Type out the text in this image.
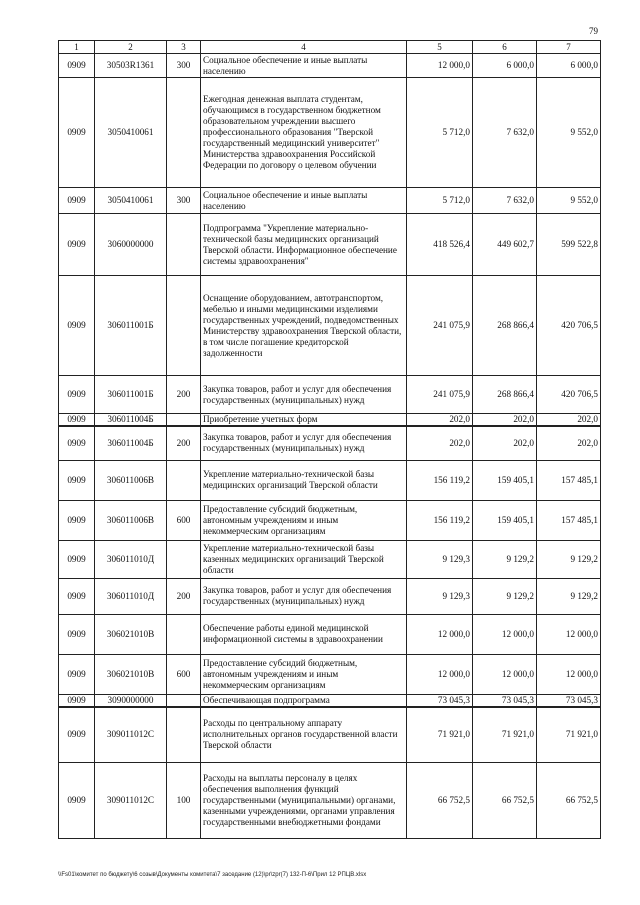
79
1	2	3	4	5	6	7
0909	30503R1361	300	Социальное обеспечение и иные выплаты населению	12 000,0	6 000,0	6 000,0
0909	3050410061		Ежегодная денежная выплата студентам, обучающимся в государственном бюджетном образовательном учреждении высшего профессионального образования "Тверской государственный медицинский университет" Министерства здравоохранения Российской Федерации по договору о целевом обучении	5 712,0	7 632,0	9 552,0
0909	3050410061	300	Социальное обеспечение и иные выплаты населению	5 712,0	7 632,0	9 552,0
0909	3060000000		Подпрограмма "Укрепление материально-технической базы медицинских организаций Тверской области. Информационное обеспечение системы здравоохранения"	418 526,4	449 602,7	599 522,8
0909	306011001Б		Оснащение оборудованием, автотранспортом, мебелью и иными медицинскими изделиями государственных учреждений, подведомственных Министерству здравоохранения Тверской области, в том числе погашение кредиторской задолженности	241 075,9	268 866,4	420 706,5
0909	306011001Б	200	Закупка товаров, работ и услуг для обеспечения государственных (муниципальных) нужд	241 075,9	268 866,4	420 706,5
0909	306011004Б		Приобретение учетных форм	202,0	202,0	202,0
0909	306011004Б	200	Закупка товаров, работ и услуг для обеспечения государственных (муниципальных) нужд	202,0	202,0	202,0
0909	306011006В		Укрепление материально-технической базы медицинских организаций Тверской области	156 119,2	159 405,1	157 485,1
0909	306011006В	600	Предоставление субсидий бюджетным, автономным учреждениям и иным некоммерческим организациям	156 119,2	159 405,1	157 485,1
0909	306011010Д		Укрепление материально-технической базы казенных медицинских организаций Тверской области	9 129,3	9 129,2	9 129,2
0909	306011010Д	200	Закупка товаров, работ и услуг для обеспечения государственных (муниципальных) нужд	9 129,3	9 129,2	9 129,2
0909	306021010В		Обеспечение работы единой медицинской информационной системы в здравоохранении	12 000,0	12 000,0	12 000,0
0909	306021010В	600	Предоставление субсидий бюджетным, автономным учреждениям и иным некоммерческим организациям	12 000,0	12 000,0	12 000,0
0909	3090000000		Обеспечивающая подпрограмма	73 045,3	73 045,3	73 045,3
0909	309011012С		Расходы по центральному аппарату исполнительных органов государственной власти Тверской области	71 921,0	71 921,0	71 921,0
0909	309011012С	100	Расходы на выплаты персоналу в целях обеспечения выполнения функций государственными (муниципальными) органами, казенными учреждениями, органами управления государственными внебюджетными фондами	66 752,5	66 752,5	66 752,5
\\Fs01\комитет по бюджету\6 созыв\Документы комитета\7 заседание (12)\pr\zpr(7) 132-П-6\Прил 12 РПЦВ.xlsx
